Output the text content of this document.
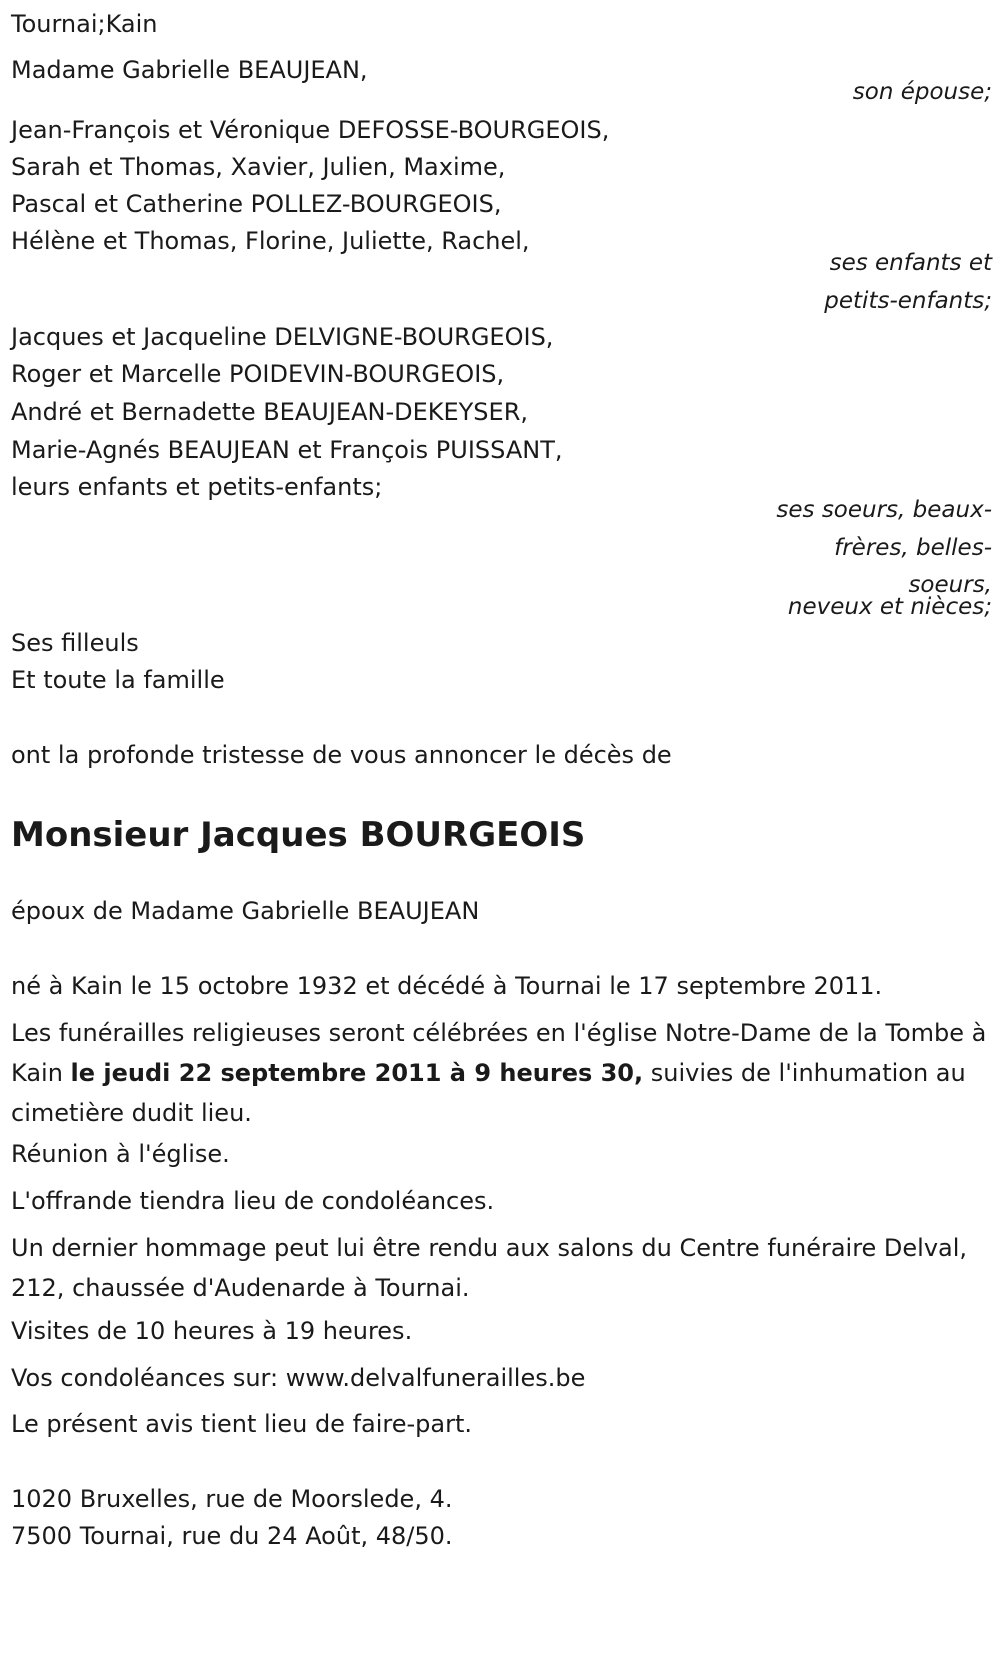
Tournai;Kain

Madame Gabrielle BEAUJEAN,

son épouse;

Jean-François et Véronique DEFOSSE-BOURGEOIS,

Sarah et Thomas, Xavier, Julien, Maxime,

Pascal et Catherine POLLEZ-BOURGEOIS,

Hélène et Thomas, Florine, Juliette, Rachel,

ses enfants et

petits-enfants;

Jacques et Jacqueline DELVIGNE-BOURGEOIS,

Roger et Marcelle POIDEVIN-BOURGEOIS,

André et Bernadette BEAUJEAN-DEKEYSER,

Marie-Agnés BEAUJEAN et François PUISSANT,

leurs enfants et petits-enfants;

ses soeurs, beaux-

frères, belles-

soeurs,

neveux et nièces;

Ses filleuls

Et toute la famille

ont la profonde tristesse de vous annoncer le décès de

Monsieur Jacques BOURGEOIS

époux de Madame Gabrielle BEAUJEAN

né à Kain le 15 octobre 1932 et décédé à Tournai le 17 septembre 2011.

Les funérailles religieuses seront célébrées en l'église Notre-Dame de la Tombe à Kain le jeudi 22 septembre 2011 à 9 heures 30, suivies de l'inhumation au cimetière dudit lieu.

Réunion à l'église.

L'offrande tiendra lieu de condoléances.

Un dernier hommage peut lui être rendu aux salons du Centre funéraire Delval, 212, chaussée d'Audenarde à Tournai.

Visites de 10 heures à 19 heures.

Vos condoléances sur: www.delvalfunerailles.be

Le présent avis tient lieu de faire-part.

1020 Bruxelles, rue de Moorslede, 4.

7500 Tournai, rue du 24 Août, 48/50.
